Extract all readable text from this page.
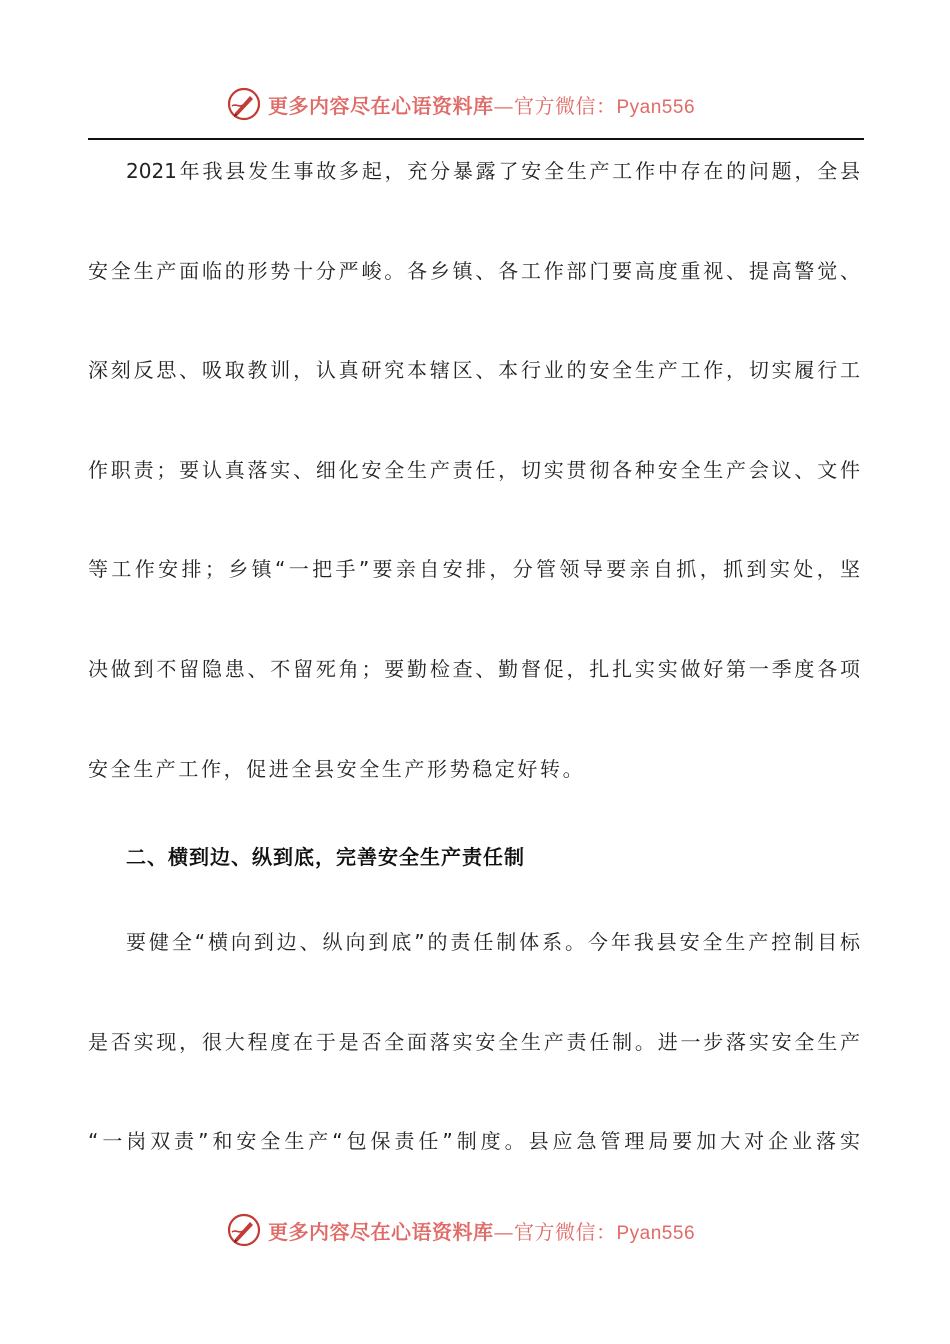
更多内容尽在心语资料库—官方微信：Pyan556
2021年我县发生事故多起，充分暴露了安全生产工作中存在的问题，全县
安全生产面临的形势十分严峻。各乡镇、各工作部门要高度重视、提高警觉、
深刻反思、吸取教训，认真研究本辖区、本行业的安全生产工作，切实履行工
作职责；要认真落实、细化安全生产责任，切实贯彻各种安全生产会议、文件
等工作安排；乡镇“一把手”要亲自安排，分管领导要亲自抓，抓到实处，坚
决做到不留隐患、不留死角；要勤检查、勤督促，扎扎实实做好第一季度各项
安全生产工作，促进全县安全生产形势稳定好转。
二、横到边、纵到底，完善安全生产责任制
要健全“横向到边、纵向到底”的责任制体系。今年我县安全生产控制目标
是否实现，很大程度在于是否全面落实安全生产责任制。进一步落实安全生产
“一岗双责”和安全生产“包保责任”制度。县应急管理局要加大对企业落实
更多内容尽在心语资料库—官方微信：Pyan556
